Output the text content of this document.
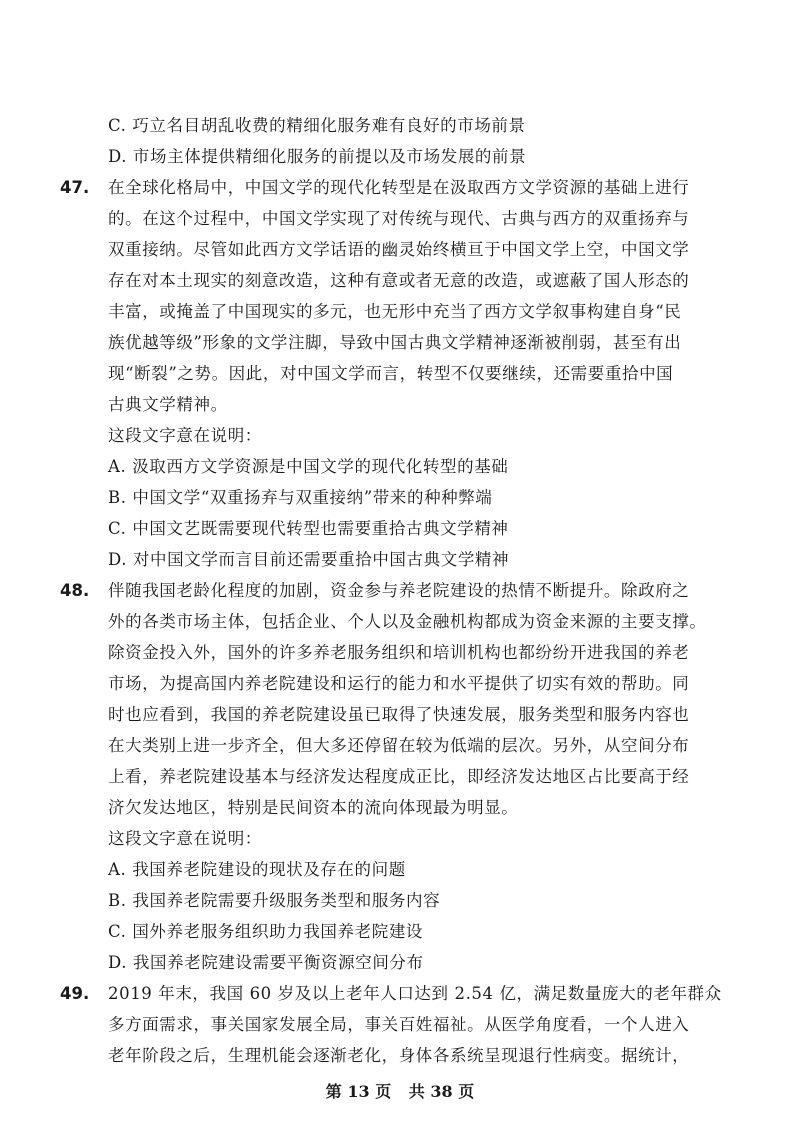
C. 巧立名目胡乱收费的精细化服务难有良好的市场前景
D. 市场主体提供精细化服务的前提以及市场发展的前景
47. 在全球化格局中，中国文学的现代化转型是在汲取西方文学资源的基础上进行
的。在这个过程中，中国文学实现了对传统与现代、古典与西方的双重扬弃与
双重接纳。尽管如此西方文学话语的幽灵始终横亘于中国文学上空，中国文学
存在对本土现实的刻意改造，这种有意或者无意的改造，或遮蔽了国人形态的
丰富，或掩盖了中国现实的多元，也无形中充当了西方文学叙事构建自身“民
族优越等级”形象的文学注脚，导致中国古典文学精神逐渐被削弱，甚至有出
现“断裂”之势。因此，对中国文学而言，转型不仅要继续，还需要重拾中国
古典文学精神。
这段文字意在说明：
A. 汲取西方文学资源是中国文学的现代化转型的基础
B. 中国文学“双重扬弃与双重接纳”带来的种种弊端
C. 中国文艺既需要现代转型也需要重拾古典文学精神
D. 对中国文学而言目前还需要重拾中国古典文学精神
48. 伴随我国老龄化程度的加剧，资金参与养老院建设的热情不断提升。除政府之
外的各类市场主体，包括企业、个人以及金融机构都成为资金来源的主要支撑。
除资金投入外，国外的许多养老服务组织和培训机构也都纷纷开进我国的养老
市场，为提高国内养老院建设和运行的能力和水平提供了切实有效的帮助。同
时也应看到，我国的养老院建设虽已取得了快速发展，服务类型和服务内容也
在大类别上进一步齐全，但大多还停留在较为低端的层次。另外，从空间分布
上看，养老院建设基本与经济发达程度成正比，即经济发达地区占比要高于经
济欠发达地区，特别是民间资本的流向体现最为明显。
这段文字意在说明：
A. 我国养老院建设的现状及存在的问题
B. 我国养老院需要升级服务类型和服务内容
C. 国外养老服务组织助力我国养老院建设
D. 我国养老院建设需要平衡资源空间分布
49. 2019 年末，我国 60 岁及以上老年人口达到 2.54 亿，满足数量庞大的老年群众
多方面需求，事关国家发展全局，事关百姓福祉。从医学角度看，一个人进入
老年阶段之后，生理机能会逐渐老化，身体各系统呈现退行性病变。据统计，
第 13 页 共 38 页
